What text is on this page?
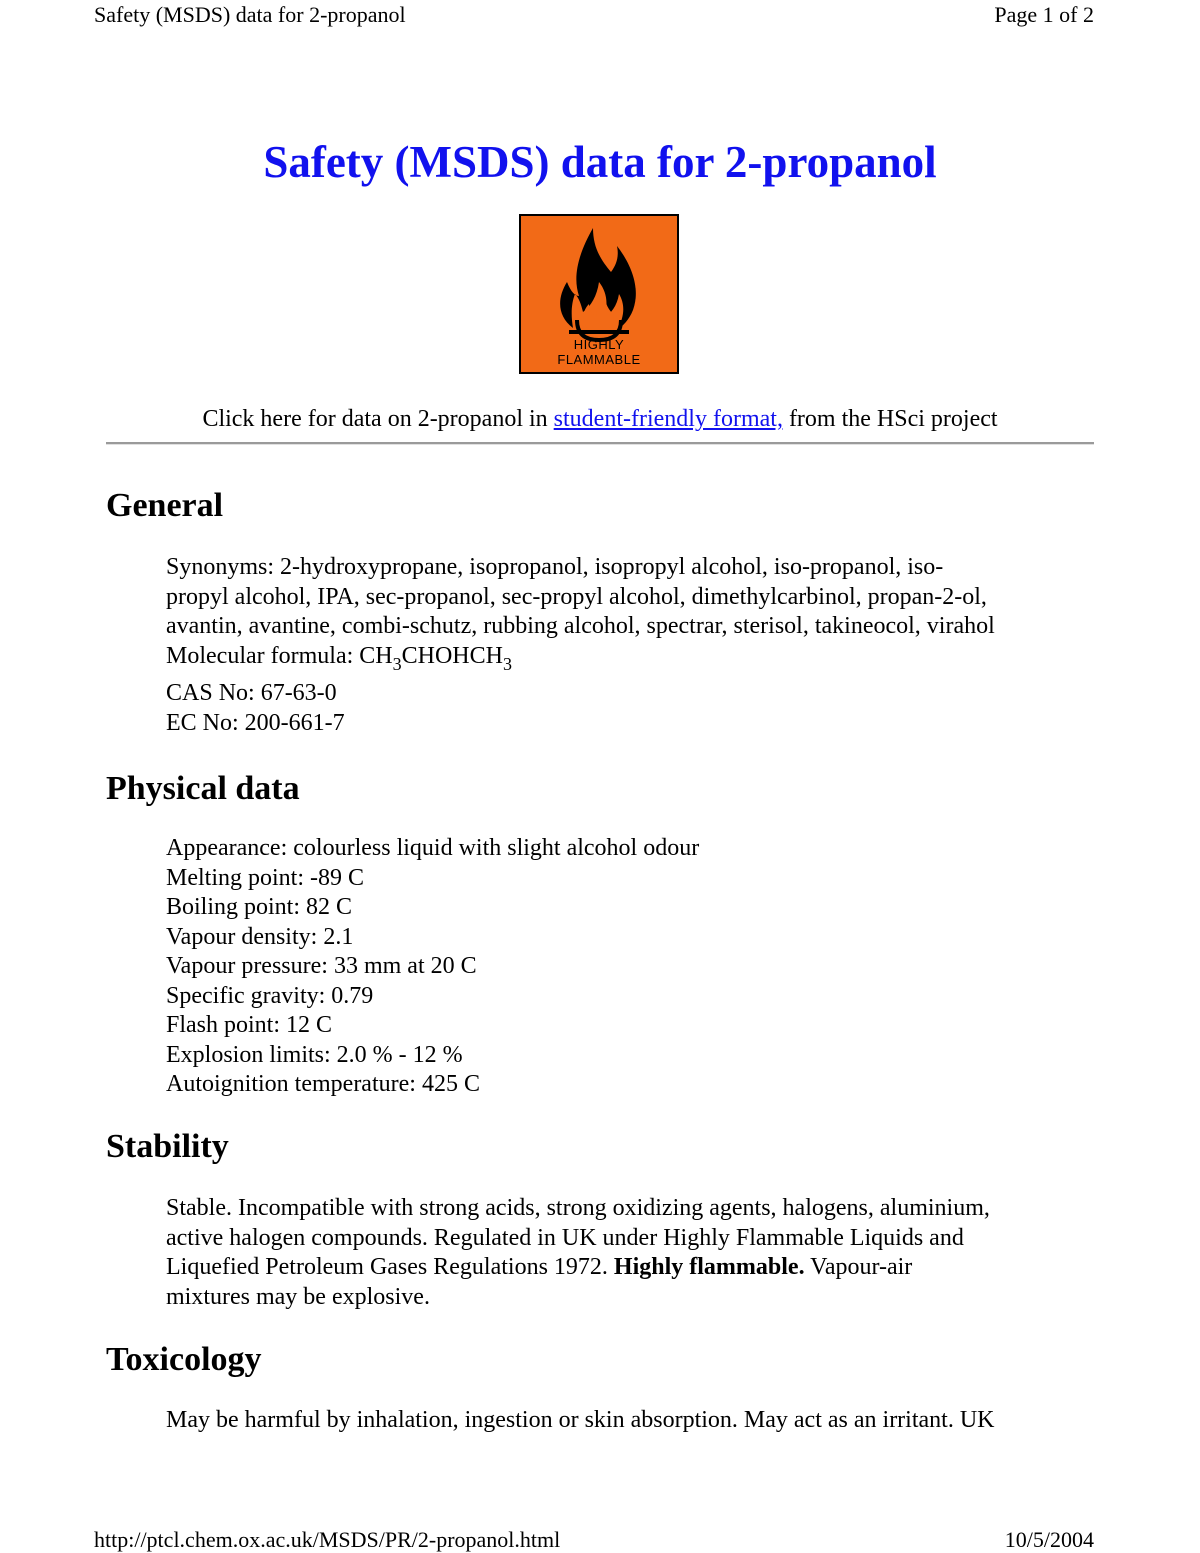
Safety (MSDS) data for 2-propanol	Page 1 of 2
Safety (MSDS) data for 2-propanol
HIGHLY
FLAMMABLE

Click here for data on 2-propanol in student-friendly format, from the HSci project

General
Synonyms: 2-hydroxypropane, isopropanol, isopropyl alcohol, iso-propanol, iso-
propyl alcohol, IPA, sec-propanol, sec-propyl alcohol, dimethylcarbinol, propan-2-ol,
avantin, avantine, combi-schutz, rubbing alcohol, spectrar, sterisol, takineocol, virahol
Molecular formula: $CH_3CHOHCH_3$
CAS No: 67-63-0
EC No: 200-661-7
Physical data
Appearance: colourless liquid with slight alcohol odour
Melting point: -89 C
Boiling point: 82 C
Vapour density: 2.1
Vapour pressure: 33 mm at 20 C
Specific gravity: 0.79
Flash point: 12 C
Explosion limits: 2.0 % - 12 %
Autoignition temperature: 425 C
Stability
Stable. Incompatible with strong acids, strong oxidizing agents, halogens, aluminium,
active halogen compounds. Regulated in UK under Highly Flammable Liquids and
Liquefied Petroleum Gases Regulations 1972. Highly flammable. Vapour-air
mixtures may be explosive.
Toxicology
May be harmful by inhalation, ingestion or skin absorption. May act as an irritant. UK
http://ptcl.chem.ox.ac.uk/MSDS/PR/2-propanol.html	10/5/2004
